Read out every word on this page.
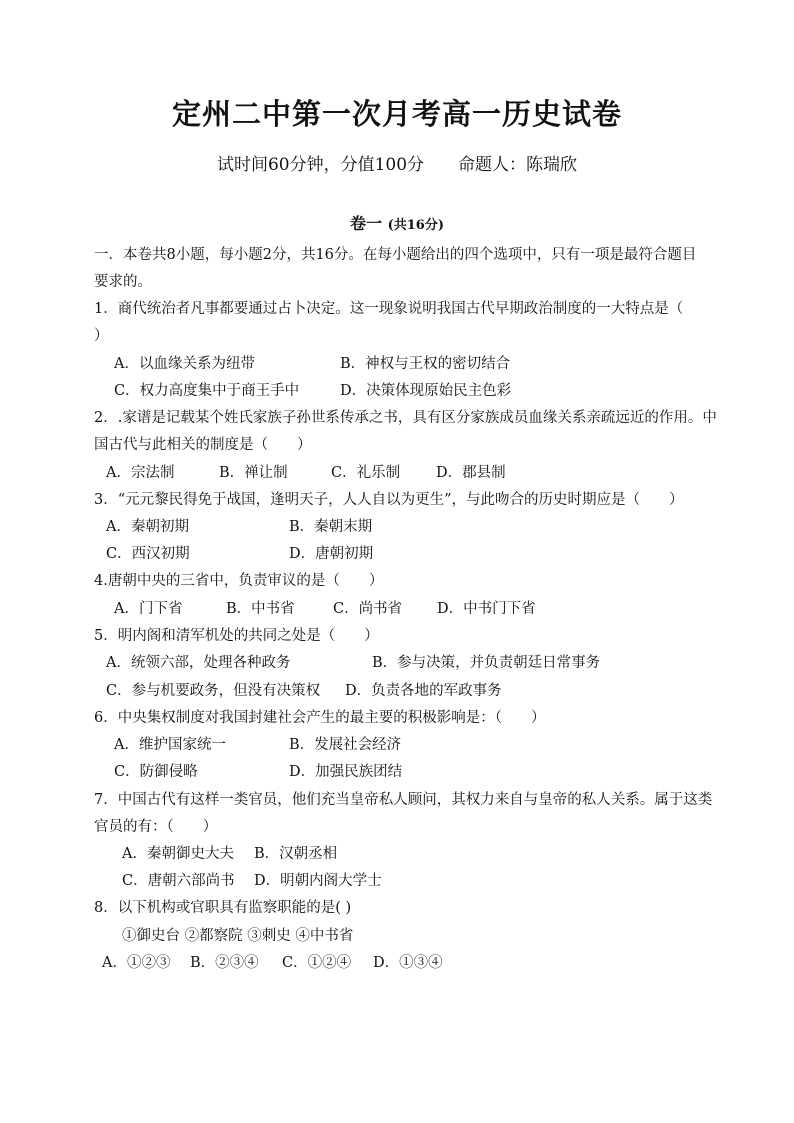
定州二中第一次月考高一历史试卷
试时间60分钟，分值100分 命题人：陈瑞欣
卷一 (共16分)
一．本卷共8小题，每小题2分，共16分。在每小题给出的四个选项中，只有一项是最符合题目
要求的。
1．商代统治者凡事都要通过占卜决定。这一现象说明我国古代早期政治制度的一大特点是（
）
A．以血缘关系为纽带	B．神权与王权的密切结合
C．权力高度集中于商王手中	D．决策体现原始民主色彩
2．.家谱是记载某个姓氏家族子孙世系传承之书，具有区分家族成员血缘关系亲疏远近的作用。中
国古代与此相关的制度是（　　）
A．宗法制	B．禅让制	C．礼乐制 D．郡县制
3．“元元黎民得免于战国，逢明天子，人人自以为更生”，与此吻合的历史时期应是（　　）
A．秦朝初期	B．秦朝末期
C．西汉初期	D．唐朝初期
4.唐朝中央的三省中，负责审议的是（　　）
A．门下省	B．中书省	C．尚书省 D．中书门下省
5．明内阁和清军机处的共同之处是（　　）
A．统领六部，处理各种政务	B．参与决策，并负责朝廷日常事务
C．参与机要政务，但没有决策权 D．负责各地的军政事务
6．中央集权制度对我国封建社会产生的最主要的积极影响是：（　　）
A．维护国家统一	B．发展社会经济
C．防御侵略	D．加强民族团结
7．中国古代有这样一类官员，他们充当皇帝私人顾问，其权力来自与皇帝的私人关系。属于这类
官员的有：（　　）
A．秦朝御史大夫 B．汉朝丞相
C．唐朝六部尚书 D．明朝内阁大学士
8．以下机构或官职具有监察职能的是( )
①御史台 ②都察院 ③刺史 ④中书省
A．①②③ B．②③④ C．①②④ D．①③④
